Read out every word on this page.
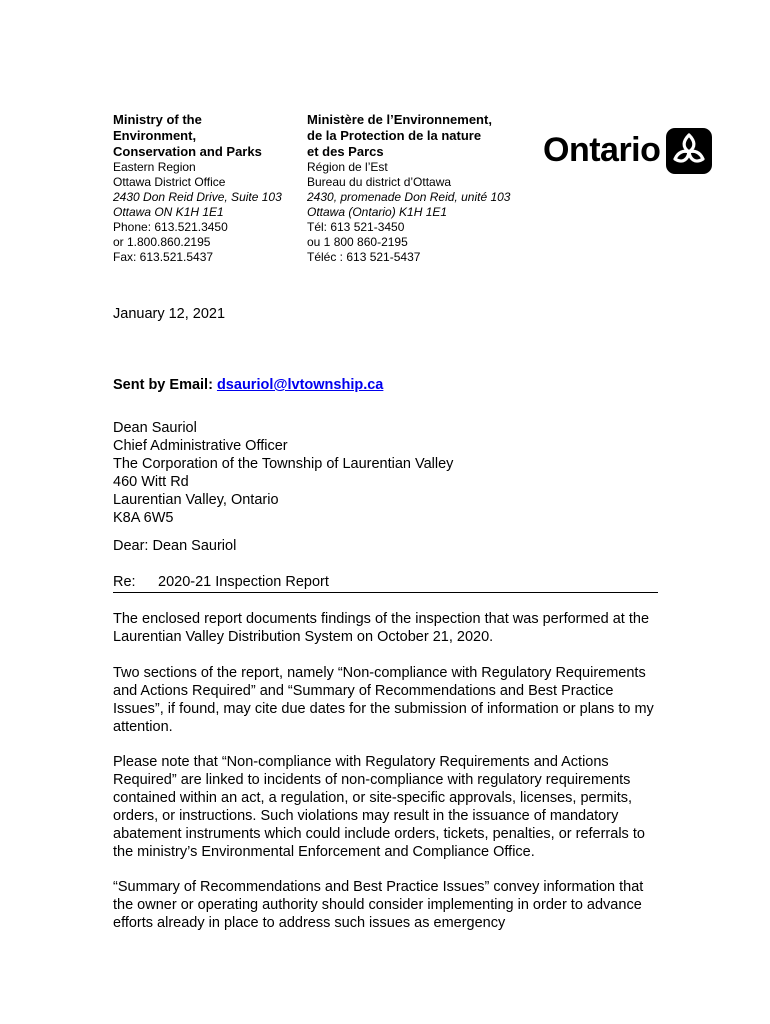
Ministry of the
Environment,
Conservation and Parks
Eastern Region
Ottawa District Office
2430 Don Reid Drive, Suite 103
Ottawa ON K1H 1E1
Phone: 613.521.3450
or 1.800.860.2195
Fax: 613.521.5437
Ministère de l’Environnement,
de la Protection de la nature
et des Parcs
Région de l’Est
Bureau du district d’Ottawa
2430, promenade Don Reid, unité 103
Ottawa (Ontario) K1H 1E1
Tél: 613 521-3450
ou 1 800 860-2195
Téléc : 613 521-5437
Ontario
January 12, 2021
Sent by Email: dsauriol@lvtownship.ca
Dean Sauriol
Chief Administrative Officer
The Corporation of the Township of Laurentian Valley
460 Witt Rd
Laurentian Valley, Ontario
K8A 6W5
Dear: Dean Sauriol
Re: 2020-21 Inspection Report
The enclosed report documents findings of the inspection that was performed at the Laurentian Valley Distribution System on October 21, 2020.
Two sections of the report, namely “Non-compliance with Regulatory Requirements and Actions Required” and “Summary of Recommendations and Best Practice Issues”, if found, may cite due dates for the submission of information or plans to my attention.
Please note that “Non-compliance with Regulatory Requirements and Actions Required” are linked to incidents of non-compliance with regulatory requirements contained within an act, a regulation, or site-specific approvals, licenses, permits, orders, or instructions. Such violations may result in the issuance of mandatory abatement instruments which could include orders, tickets, penalties, or referrals to the ministry’s Environmental Enforcement and Compliance Office.
“Summary of Recommendations and Best Practice Issues” convey information that the owner or operating authority should consider implementing in order to advance efforts already in place to address such issues as emergency
